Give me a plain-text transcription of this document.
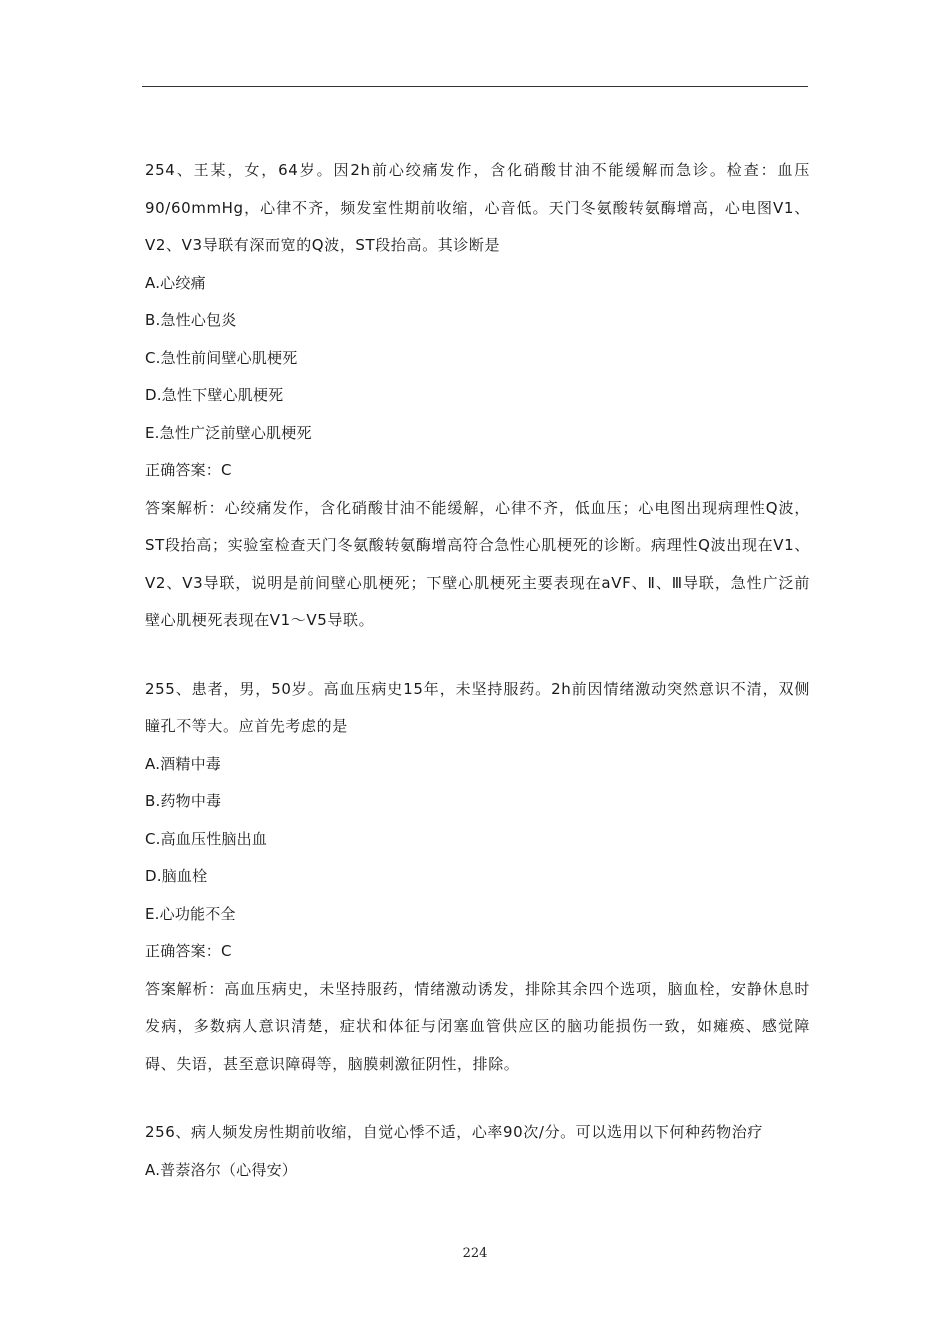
254、王某，女，64岁。因2h前心绞痛发作，含化硝酸甘油不能缓解而急诊。检查：血压90/60mmHg，心律不齐，频发室性期前收缩，心音低。天门冬氨酸转氨酶增高，心电图V1、V2、V3导联有深而宽的Q波，ST段抬高。其诊断是
A.心绞痛
B.急性心包炎
C.急性前间壁心肌梗死
D.急性下壁心肌梗死
E.急性广泛前壁心肌梗死
正确答案：C
答案解析：心绞痛发作，含化硝酸甘油不能缓解，心律不齐，低血压；心电图出现病理性Q波，ST段抬高；实验室检查天门冬氨酸转氨酶增高符合急性心肌梗死的诊断。病理性Q波出现在V1、V2、V3导联，说明是前间壁心肌梗死；下壁心肌梗死主要表现在aVF、Ⅱ、Ⅲ导联，急性广泛前壁心肌梗死表现在V1～V5导联。
255、患者，男，50岁。高血压病史15年，未坚持服药。2h前因情绪激动突然意识不清，双侧瞳孔不等大。应首先考虑的是
A.酒精中毒
B.药物中毒
C.高血压性脑出血
D.脑血栓
E.心功能不全
正确答案：C
答案解析：高血压病史，未坚持服药，情绪激动诱发，排除其余四个选项，脑血栓，安静休息时发病，多数病人意识清楚，症状和体征与闭塞血管供应区的脑功能损伤一致，如瘫痪、感觉障碍、失语，甚至意识障碍等，脑膜刺激征阴性，排除。
256、病人频发房性期前收缩，自觉心悸不适，心率90次/分。可以选用以下何种药物治疗
A.普萘洛尔（心得安）
224
